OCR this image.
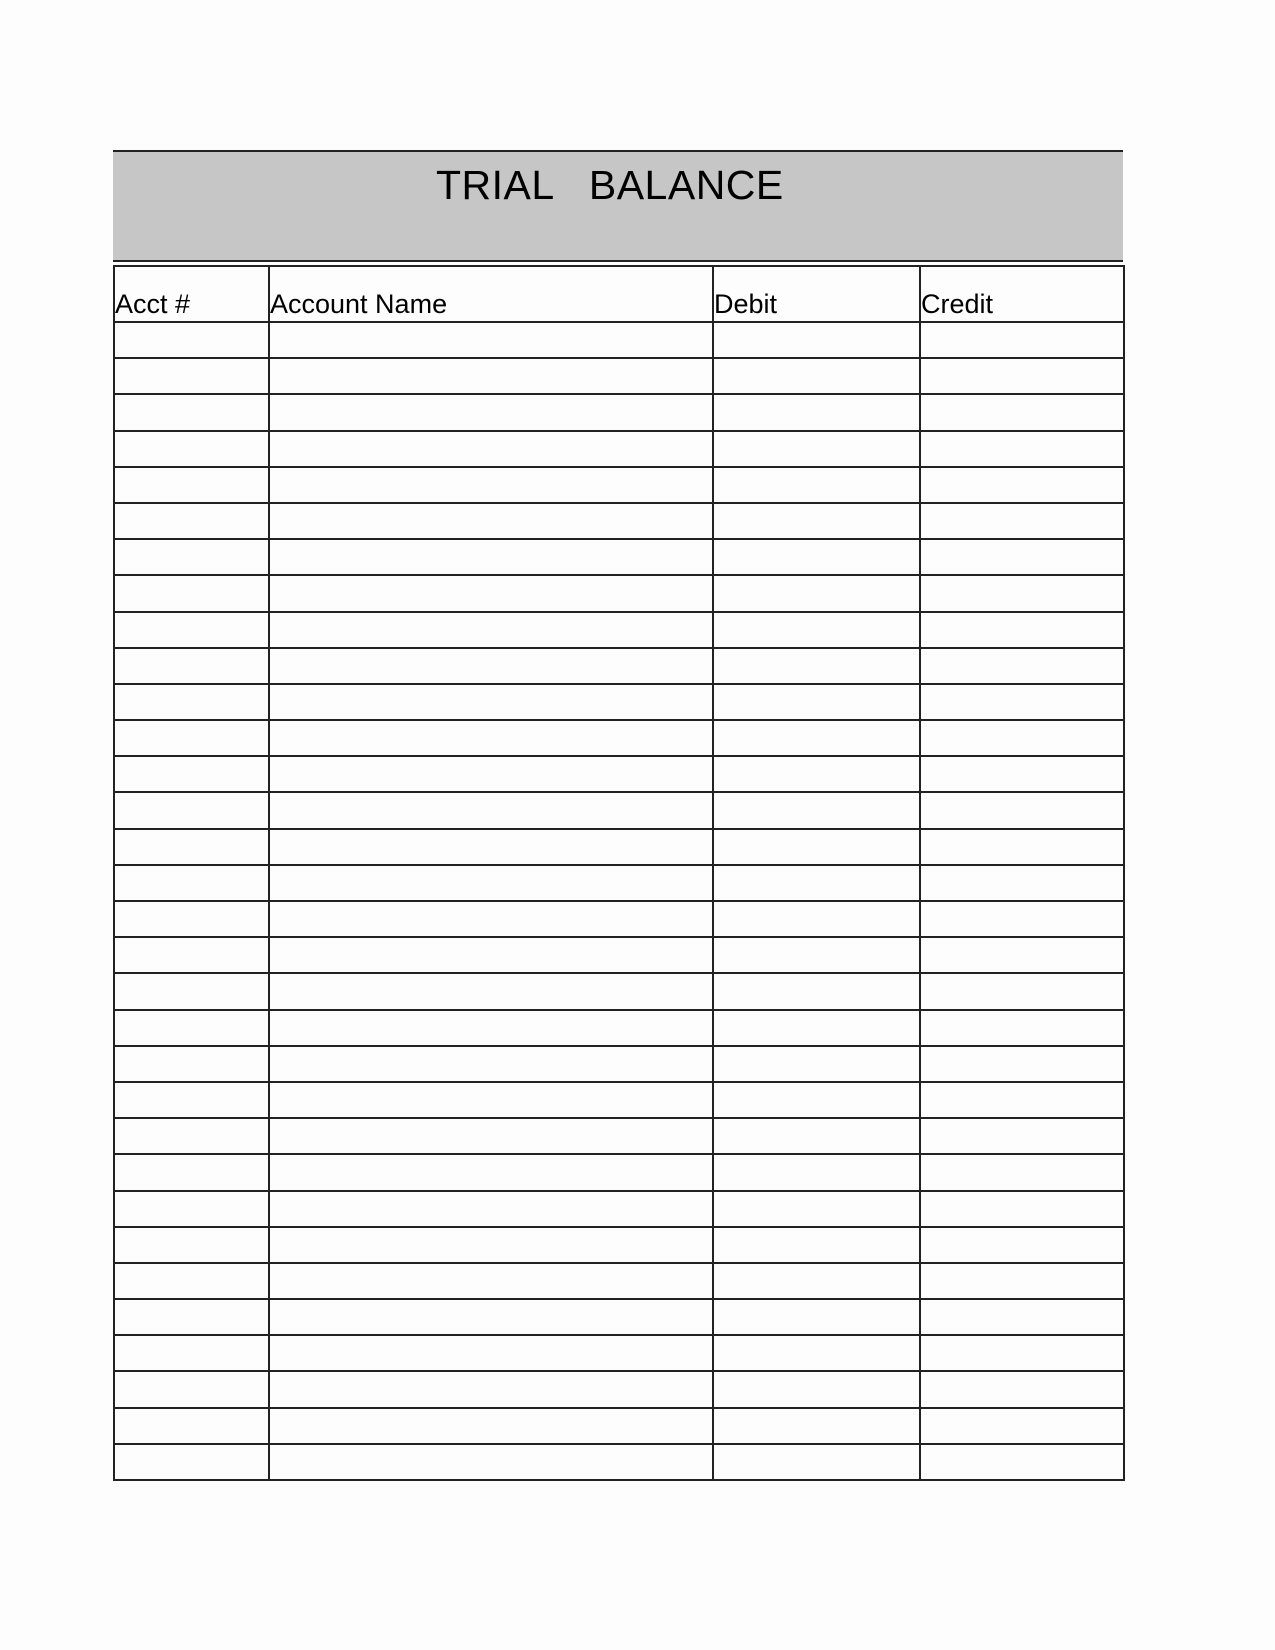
TRIAL   BALANCE
Acct #	Account Name	Debit	Credit
